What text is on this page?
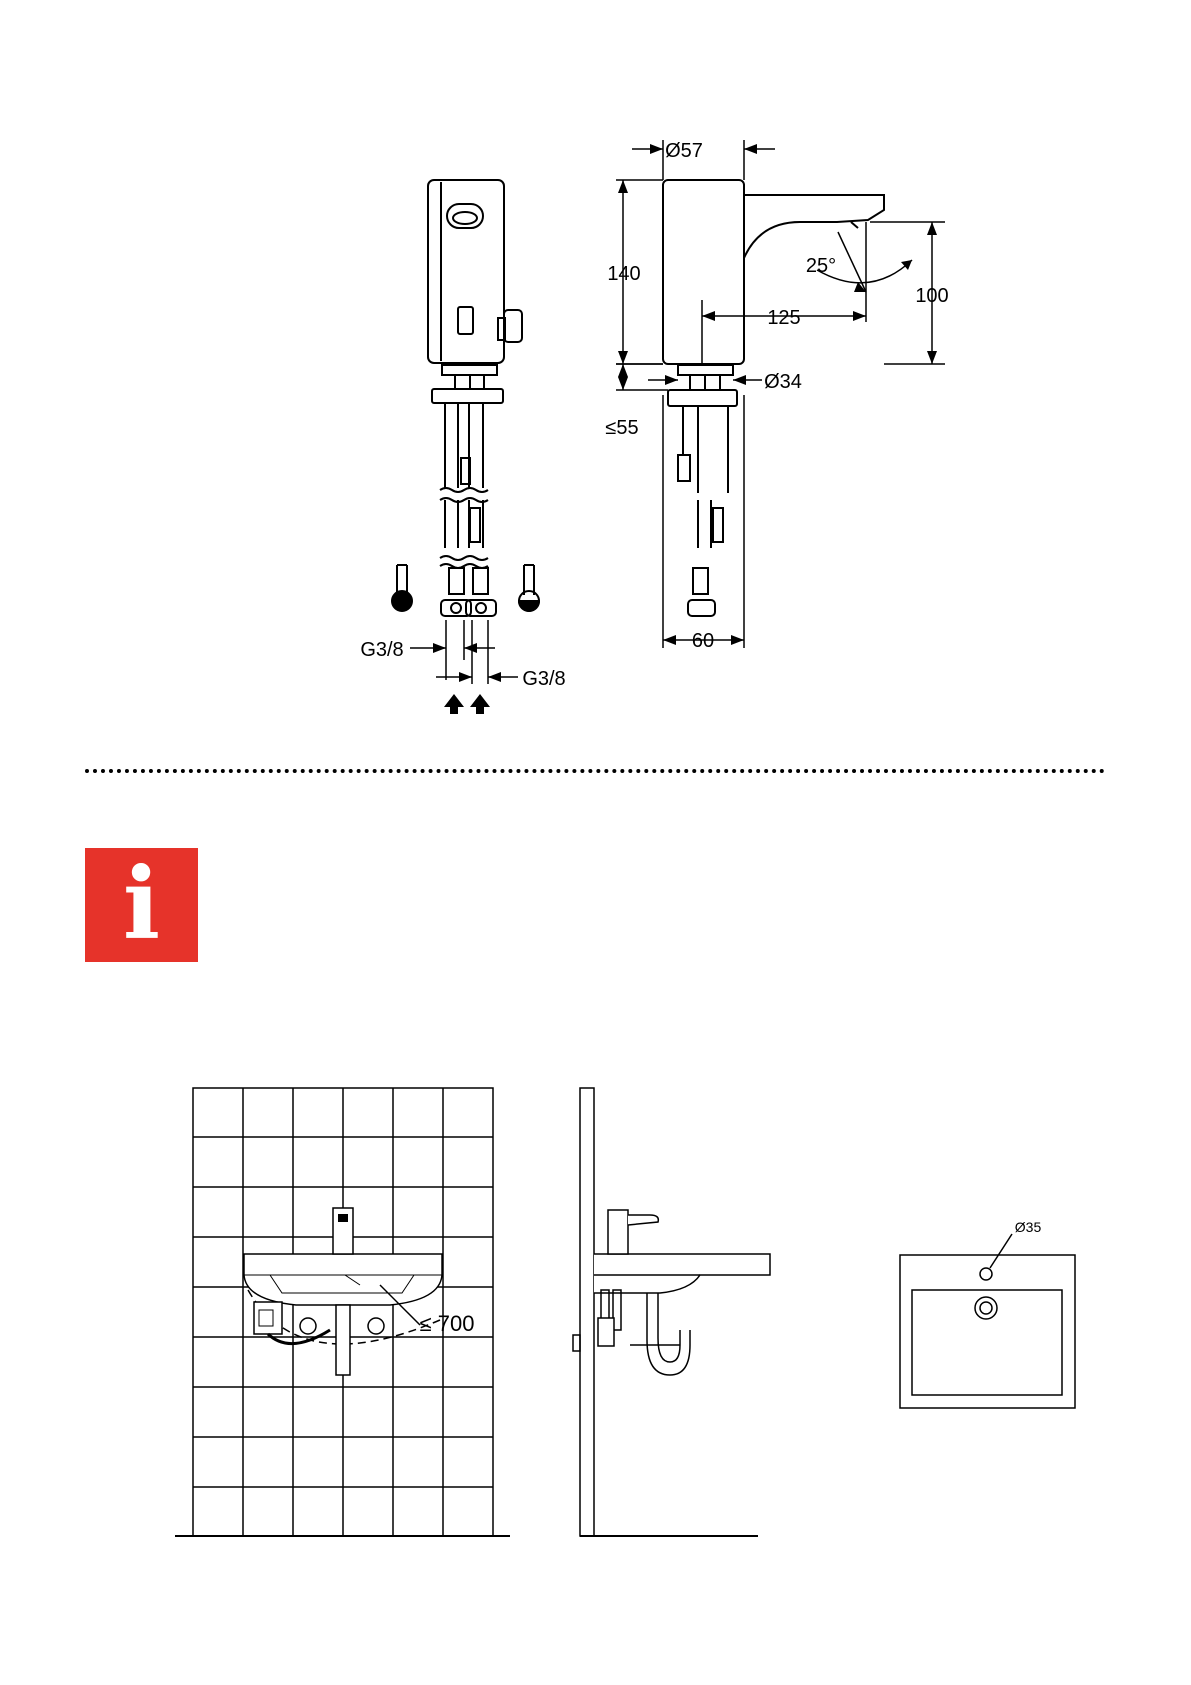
Ø57
140	25°
125
100
Ø34
≤55
60
G3/8
G3/8
i
≤ 700
Ø35
